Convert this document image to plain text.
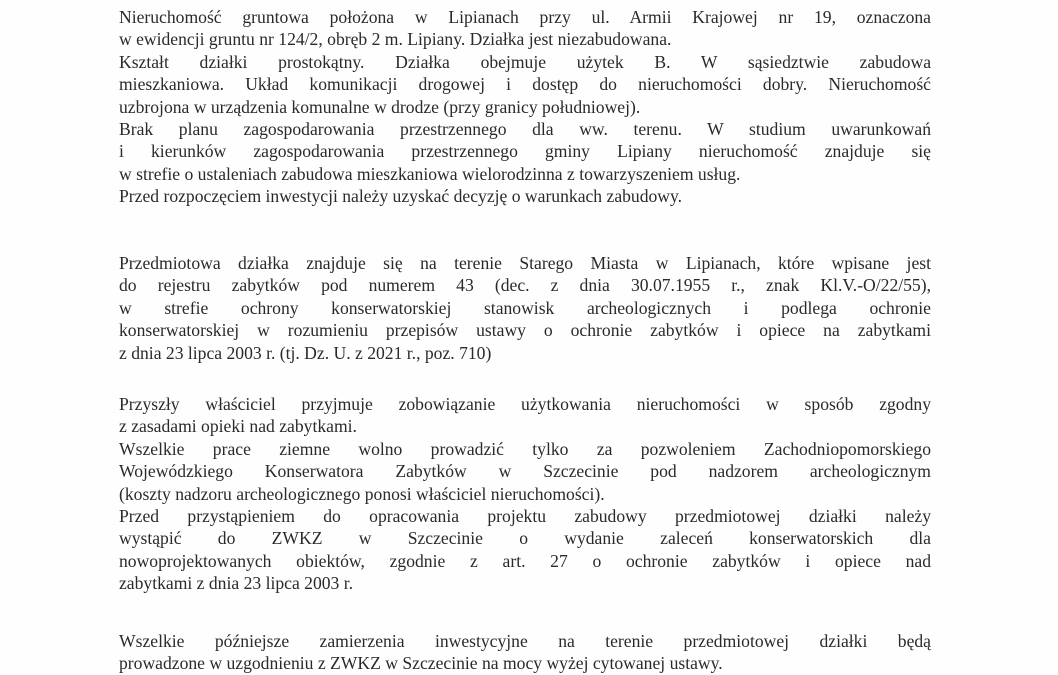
Nieruchomość gruntowa położona w Lipianach przy ul. Armii Krajowej nr 19, oznaczona
w ewidencji gruntu nr 124/2, obręb 2 m. Lipiany. Działka jest niezabudowana.
Kształt działki prostokątny. Działka obejmuje użytek B. W sąsiedztwie zabudowa
mieszkaniowa. Układ komunikacji drogowej i dostęp do nieruchomości dobry. Nieruchomość
uzbrojona w urządzenia komunalne w drodze (przy granicy południowej).
Brak planu zagospodarowania przestrzennego dla ww. terenu. W studium uwarunkowań
i kierunków zagospodarowania przestrzennego gminy Lipiany nieruchomość znajduje się
w strefie o ustaleniach zabudowa mieszkaniowa wielorodzinna z towarzyszeniem usług.
Przed rozpoczęciem inwestycji należy uzyskać decyzję o warunkach zabudowy.
Przedmiotowa działka znajduje się na terenie Starego Miasta w Lipianach, które wpisane jest
do rejestru zabytków pod numerem 43 (dec. z dnia 30.07.1955 r., znak Kl.V.-O/22/55),
w strefie ochrony konserwatorskiej stanowisk archeologicznych i podlega ochronie
konserwatorskiej w rozumieniu przepisów ustawy o ochronie zabytków i opiece na zabytkami
z dnia 23 lipca 2003 r. (tj. Dz. U. z 2021 r., poz. 710)
Przyszły właściciel przyjmuje zobowiązanie użytkowania nieruchomości w sposób zgodny
z zasadami opieki nad zabytkami.
Wszelkie prace ziemne wolno prowadzić tylko za pozwoleniem Zachodniopomorskiego
Wojewódzkiego Konserwatora Zabytków w Szczecinie pod nadzorem archeologicznym
(koszty nadzoru archeologicznego ponosi właściciel nieruchomości).
Przed przystąpieniem do opracowania projektu zabudowy przedmiotowej działki należy
wystąpić do ZWKZ w Szczecinie o wydanie zaleceń konserwatorskich dla
nowoprojektowanych obiektów, zgodnie z art. 27 o ochronie zabytków i opiece nad
zabytkami z dnia 23 lipca 2003 r.
Wszelkie późniejsze zamierzenia inwestycyjne na terenie przedmiotowej działki będą
prowadzone w uzgodnieniu z ZWKZ w Szczecinie na mocy wyżej cytowanej ustawy.
